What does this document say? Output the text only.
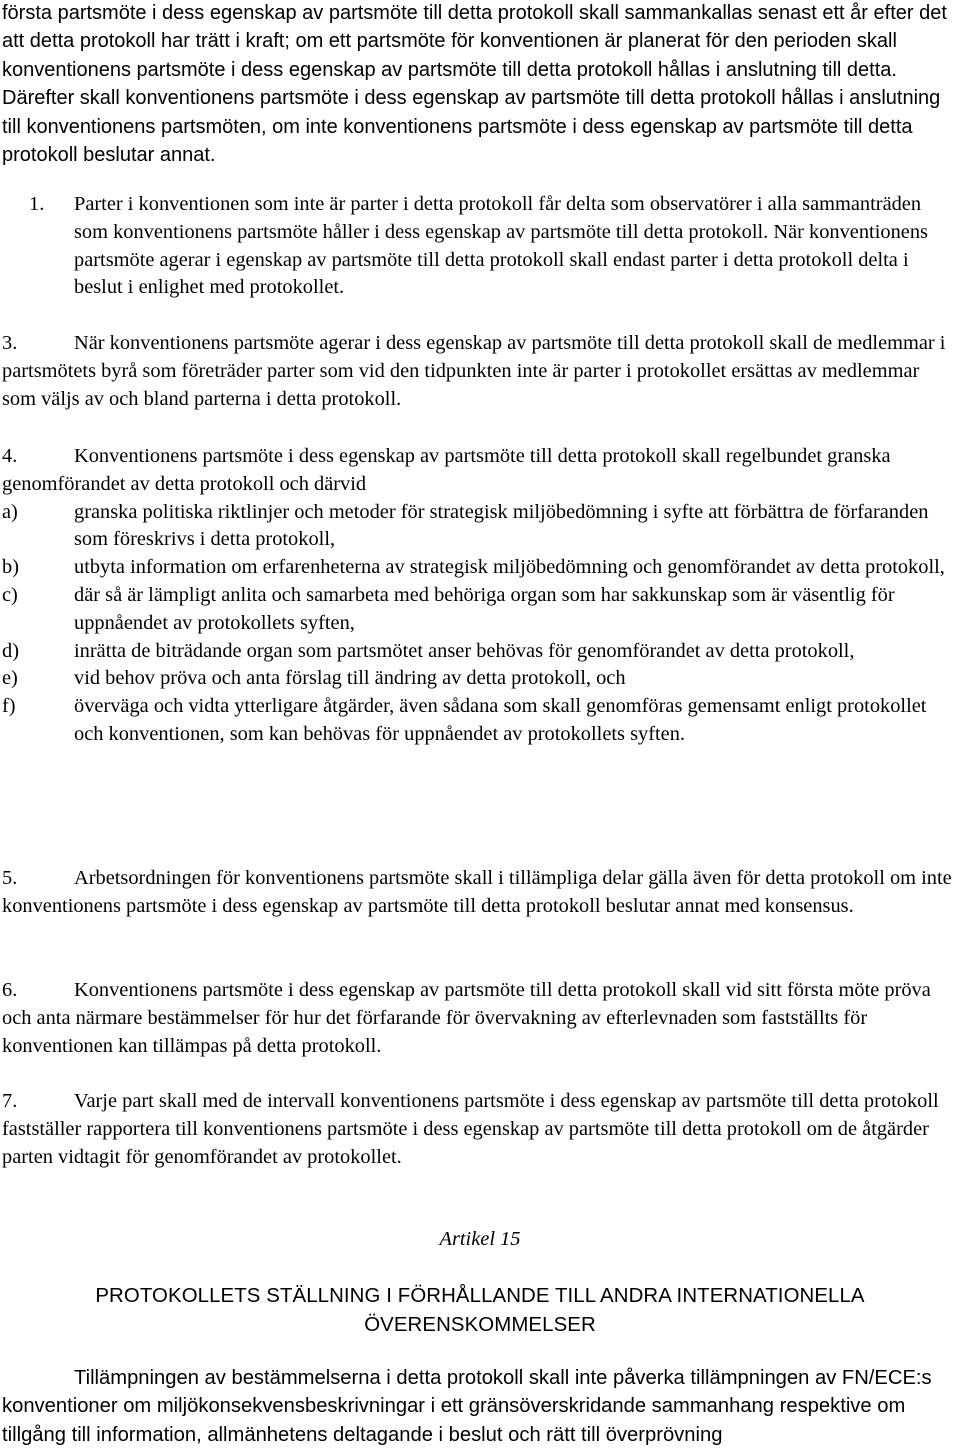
första partsmöte i dess egenskap av partsmöte till detta protokoll skall sammankallas senast ett år efter det att detta protokoll har trätt i kraft; om ett partsmöte för konventionen är planerat för den perioden skall konventionens partsmöte i dess egenskap av partsmöte till detta protokoll hållas i anslutning till detta. Därefter skall konventionens partsmöte i dess egenskap av partsmöte till detta protokoll hållas i anslutning till konventionens partsmöten, om inte konventionens partsmöte i dess egenskap av partsmöte till detta protokoll beslutar annat.

1. Parter i konventionen som inte är parter i detta protokoll får delta som observatörer i alla sammanträden som konventionens partsmöte håller i dess egenskap av partsmöte till detta protokoll. När konventionens partsmöte agerar i egenskap av partsmöte till detta protokoll skall endast parter i detta protokoll delta i beslut i enlighet med protokollet.

3.	När konventionens partsmöte agerar i dess egenskap av partsmöte till detta protokoll skall de medlemmar i partsmötets byrå som företräder parter som vid den tidpunkten inte är parter i protokollet ersättas av medlemmar som väljs av och bland parterna i detta protokoll.

4.	Konventionens partsmöte i dess egenskap av partsmöte till detta protokoll skall regelbundet granska genomförandet av detta protokoll och därvid

a)	granska politiska riktlinjer och metoder för strategisk miljöbedömning i syfte att förbättra de förfaranden som föreskrivs i detta protokoll,
b)	utbyta information om erfarenheterna av strategisk miljöbedömning och genomförandet av detta protokoll,
c)	där så är lämpligt anlita och samarbeta med behöriga organ som har sakkunskap som är väsentlig för uppnåendet av protokollets syften,
d)	inrätta de biträdande organ som partsmötet anser behövas för genomförandet av detta protokoll,
e)	vid behov pröva och anta förslag till ändring av detta protokoll, och
f)	överväga och vidta ytterligare åtgärder, även sådana som skall genomföras gemensamt enligt protokollet och konventionen, som kan behövas för uppnåendet av protokollets syften.

5.	Arbetsordningen för konventionens partsmöte skall i tillämpliga delar gälla även för detta protokoll om inte konventionens partsmöte i dess egenskap av partsmöte till detta protokoll beslutar annat med konsensus.

6.	Konventionens partsmöte i dess egenskap av partsmöte till detta protokoll skall vid sitt första möte pröva och anta närmare bestämmelser för hur det förfarande för övervakning av efterlevnaden som fastställts för konventionen kan tillämpas på detta protokoll.

7.	Varje part skall med de intervall konventionens partsmöte i dess egenskap av partsmöte till detta protokoll fastställer rapportera till konventionens partsmöte i dess egenskap av partsmöte till detta protokoll om de åtgärder parten vidtagit för genomförandet av protokollet.

Artikel 15
PROTOKOLLETS STÄLLNING I FÖRHÅLLANDE TILL ANDRA INTERNATIONELLA
ÖVERENSKOMMELSER

Tillämpningen av bestämmelserna i detta protokoll skall inte påverka tillämpningen av FN/ECE:s konventioner om miljökonsekvensbeskrivningar i ett gränsöverskridande sammanhang respektive om tillgång till information, allmänhetens deltagande i beslut och rätt till överprövning
